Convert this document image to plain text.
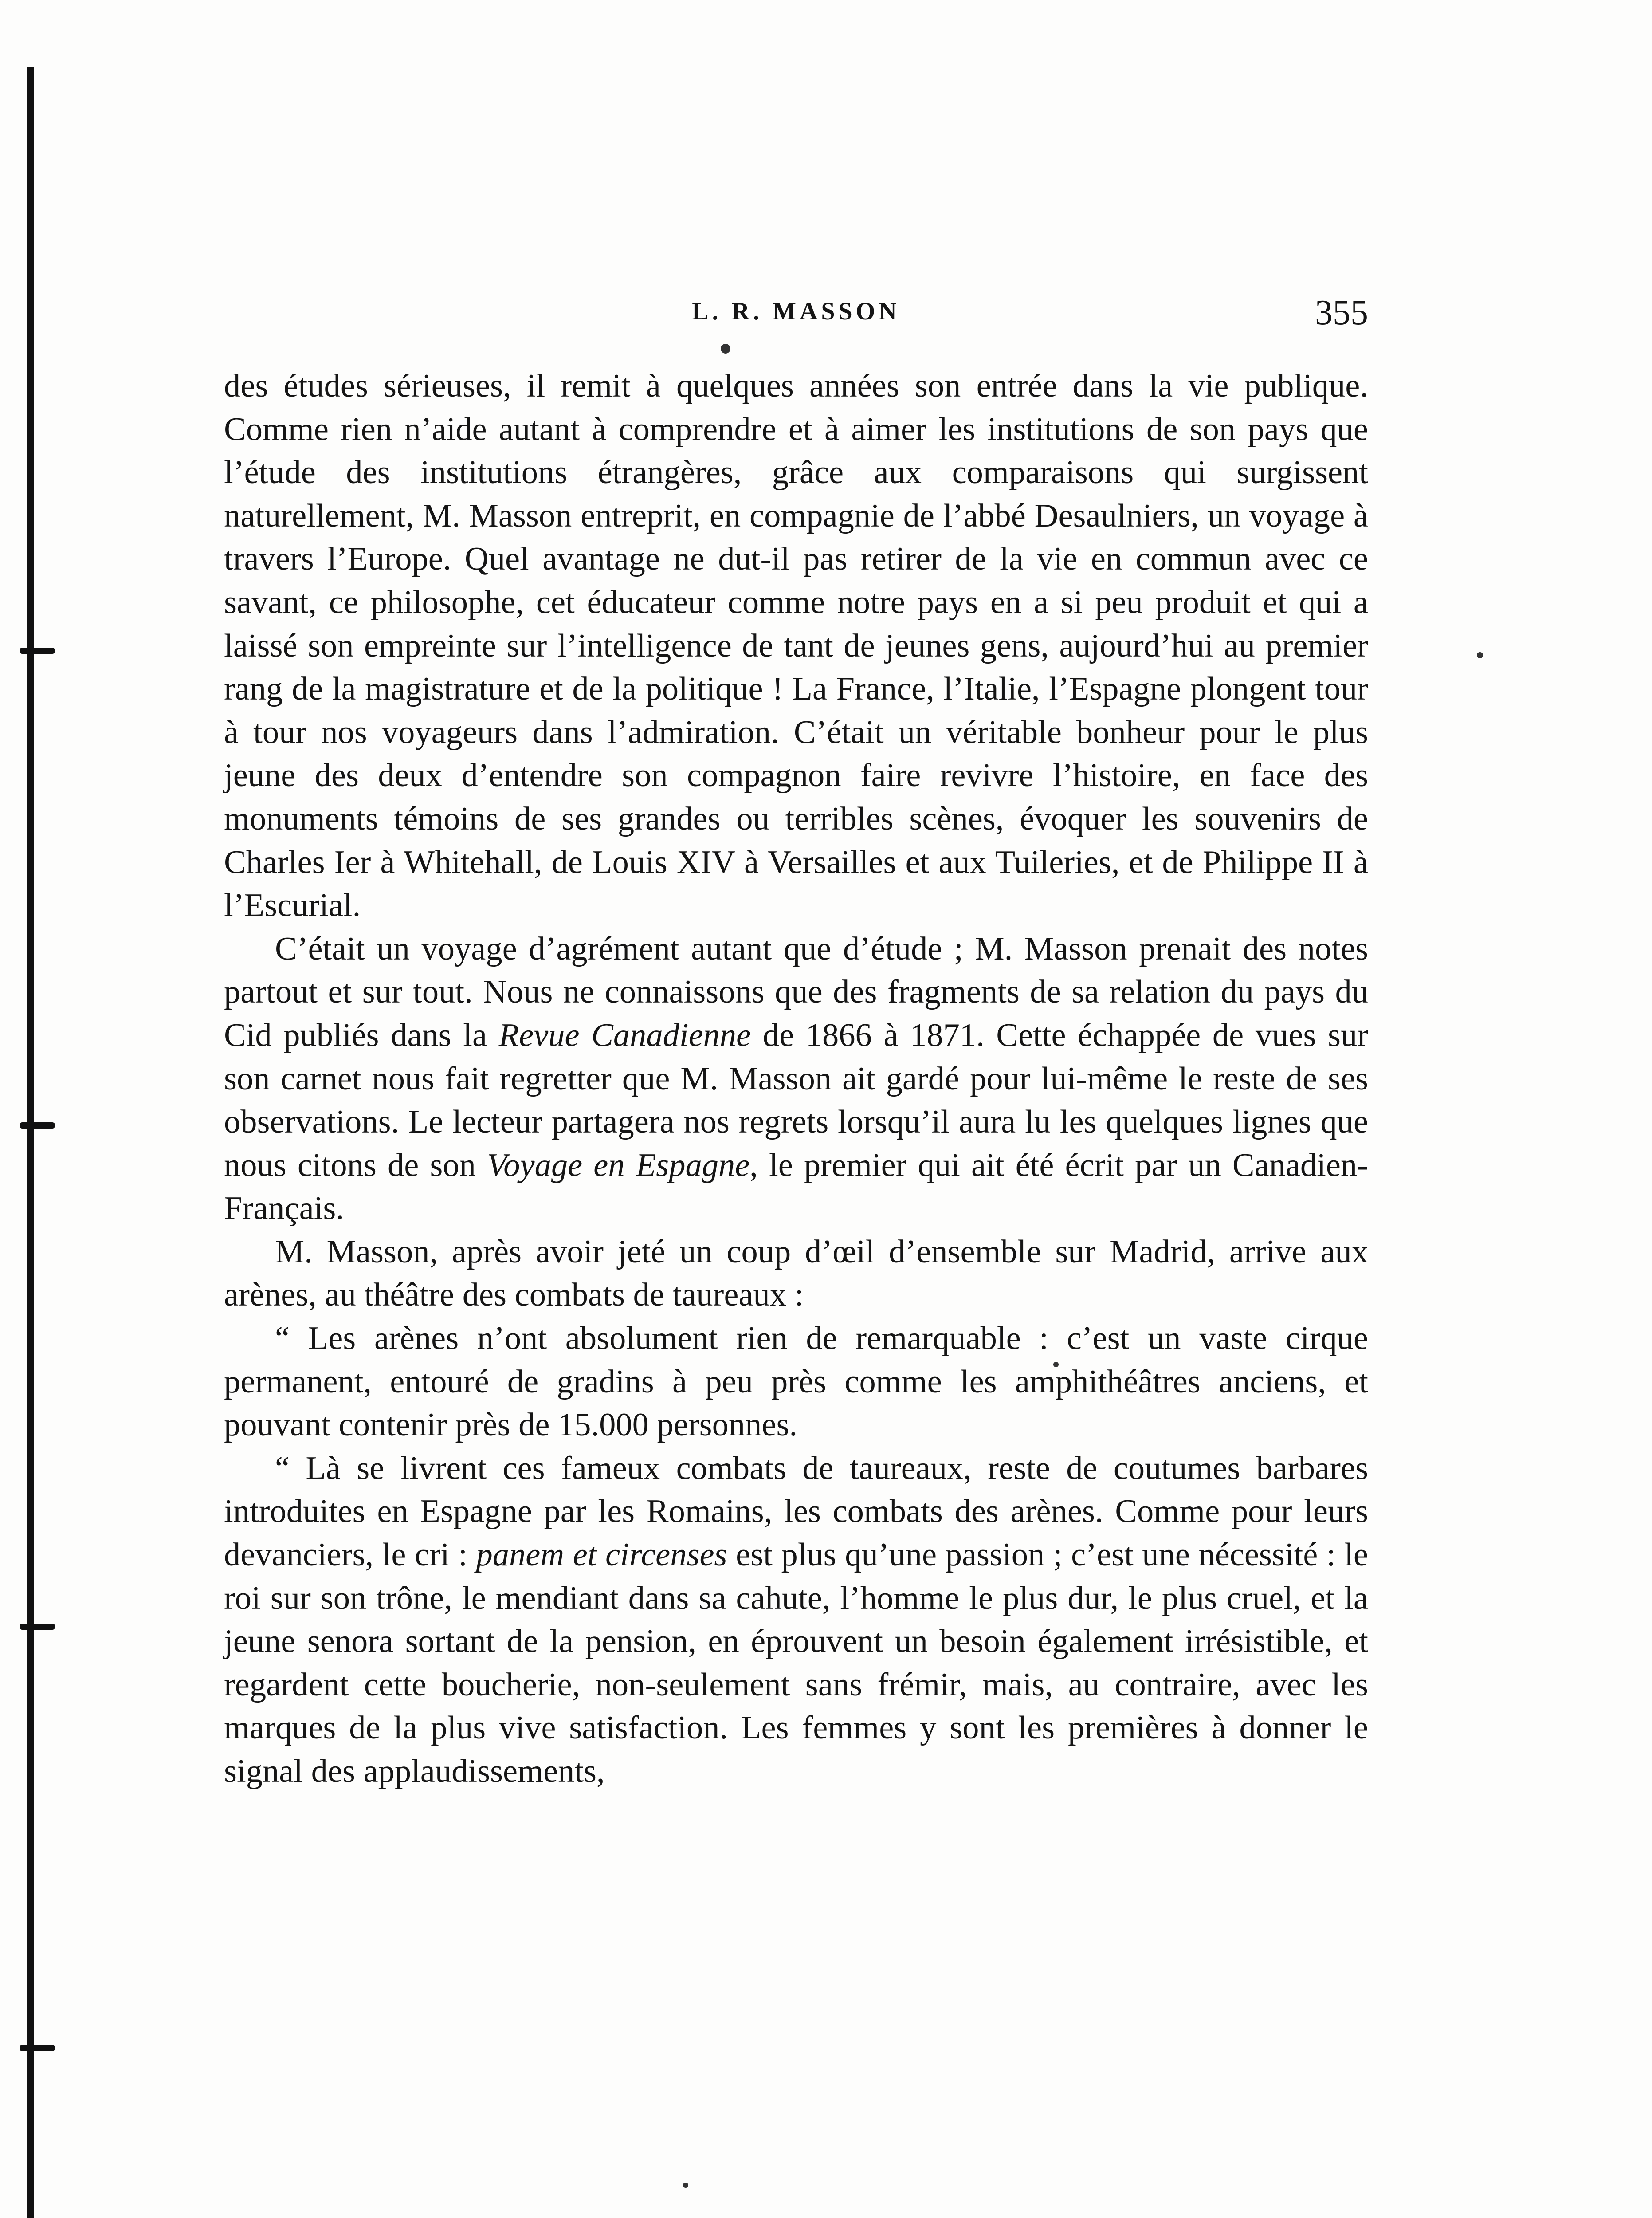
L. R. MASSON	355

des études sérieuses, il remit à quelques années son entrée dans la vie publique. Comme rien n’aide autant à comprendre et à aimer les institutions de son pays que l’étude des institutions étrangères, grâce aux comparaisons qui surgissent naturellement, M. Masson entreprit, en compagnie de l’abbé Desaulniers, un voyage à travers l’Europe. Quel avantage ne dut-il pas retirer de la vie en commun avec ce savant, ce philosophe, cet éducateur comme notre pays en a si peu produit et qui a laissé son empreinte sur l’intelligence de tant de jeunes gens, aujourd’hui au premier rang de la magistrature et de la politique ! La France, l’Italie, l’Espagne plongent tour à tour nos voyageurs dans l’admiration. C’était un véritable bonheur pour le plus jeune des deux d’entendre son compagnon faire revivre l’histoire, en face des monuments témoins de ses grandes ou terribles scènes, évoquer les souvenirs de Charles Ier à Whitehall, de Louis XIV à Versailles et aux Tuileries, et de Philippe II à l’Escurial.

C’était un voyage d’agrément autant que d’étude ; M. Masson prenait des notes partout et sur tout. Nous ne connaissons que des fragments de sa relation du pays du Cid publiés dans la Revue Canadienne de 1866 à 1871. Cette échappée de vues sur son carnet nous fait regretter que M. Masson ait gardé pour lui-même le reste de ses observations. Le lecteur partagera nos regrets lorsqu’il aura lu les quelques lignes que nous citons de son Voyage en Espagne, le premier qui ait été écrit par un Canadien-Français.

M. Masson, après avoir jeté un coup d’œil d’ensemble sur Madrid, arrive aux arènes, au théâtre des combats de taureaux :

“ Les arènes n’ont absolument rien de remarquable : c’est un vaste cirque permanent, entouré de gradins à peu près comme les amphithéâtres anciens, et pouvant contenir près de 15.000 personnes.

“ Là se livrent ces fameux combats de taureaux, reste de coutumes barbares introduites en Espagne par les Romains, les combats des arènes. Comme pour leurs devanciers, le cri : panem et circenses est plus qu’une passion ; c’est une nécessité : le roi sur son trône, le mendiant dans sa cahute, l’homme le plus dur, le plus cruel, et la jeune senora sortant de la pension, en éprouvent un besoin également irrésistible, et regardent cette boucherie, non-seulement sans frémir, mais, au contraire, avec les marques de la plus vive satisfaction. Les femmes y sont les premières à donner le signal des applaudissements,
